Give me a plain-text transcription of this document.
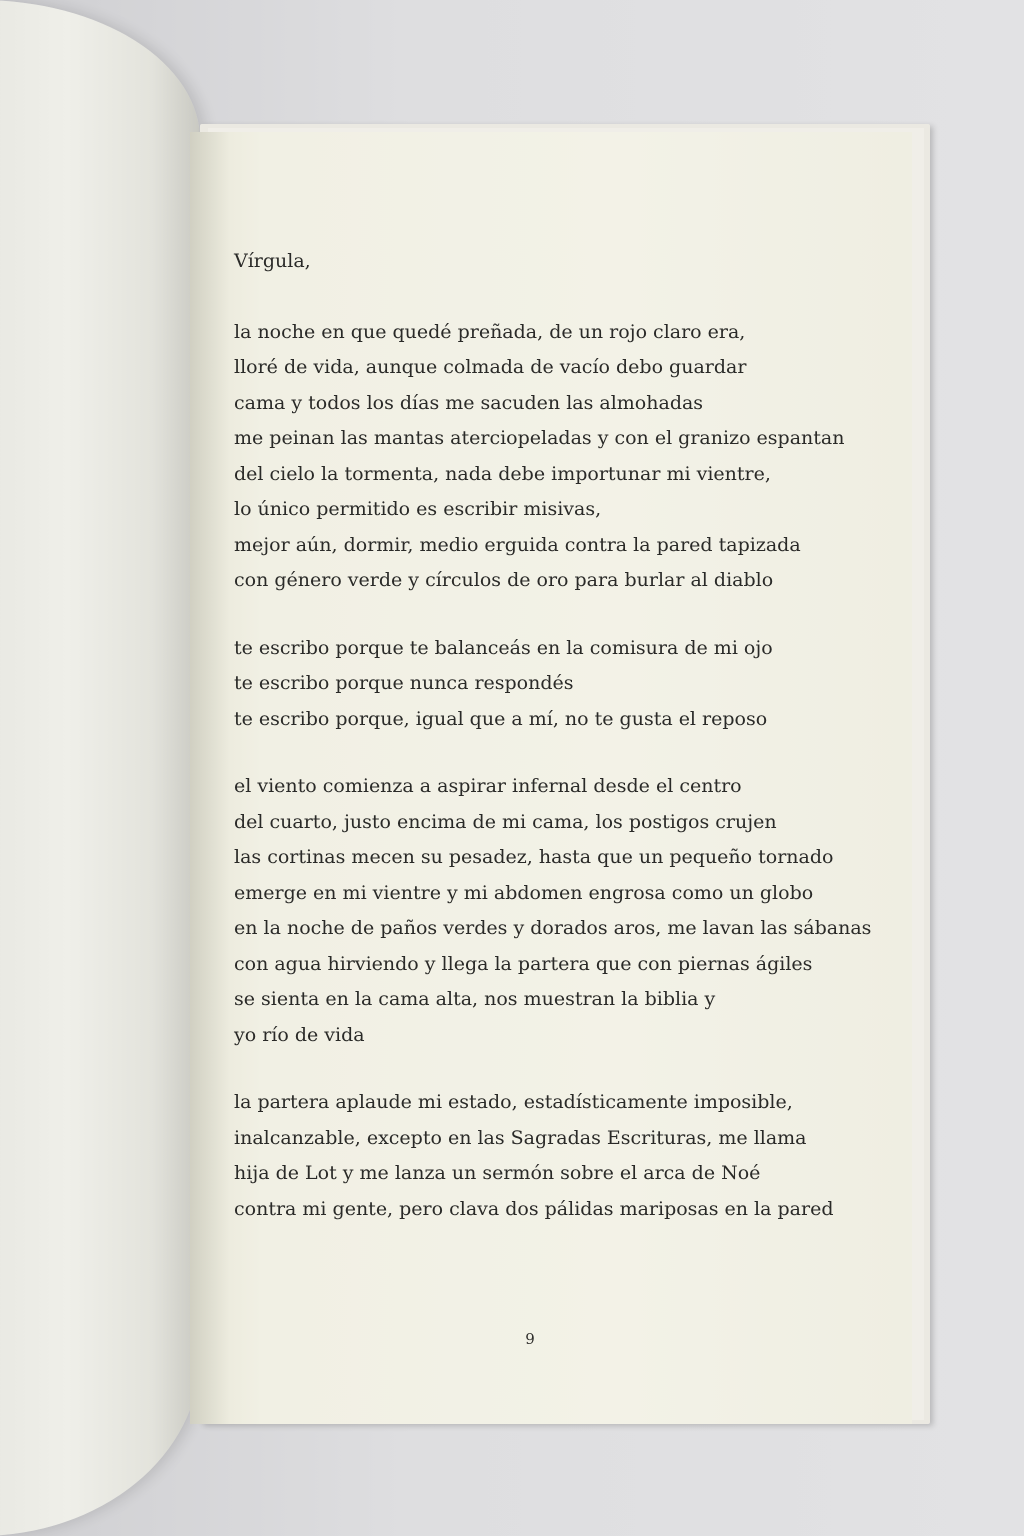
Vírgula,
la noche en que quedé preñada, de un rojo claro era,
lloré de vida, aunque colmada de vacío debo guardar
cama y todos los días me sacuden las almohadas
me peinan las mantas aterciopeladas y con el granizo espantan
del cielo la tormenta, nada debe importunar mi vientre,
lo único permitido es escribir misivas,
mejor aún, dormir, medio erguida contra la pared tapizada
con género verde y círculos de oro para burlar al diablo
te escribo porque te balanceás en la comisura de mi ojo
te escribo porque nunca respondés
te escribo porque, igual que a mí, no te gusta el reposo
el viento comienza a aspirar infernal desde el centro
del cuarto, justo encima de mi cama, los postigos crujen
las cortinas mecen su pesadez, hasta que un pequeño tornado
emerge en mi vientre y mi abdomen engrosa como un globo
en la noche de paños verdes y dorados aros, me lavan las sábanas
con agua hirviendo y llega la partera que con piernas ágiles
se sienta en la cama alta, nos muestran la biblia y
yo río de vida
la partera aplaude mi estado, estadísticamente imposible,
inalcanzable, excepto en las Sagradas Escrituras, me llama
hija de Lot y me lanza un sermón sobre el arca de Noé
contra mi gente, pero clava dos pálidas mariposas en la pared
9
